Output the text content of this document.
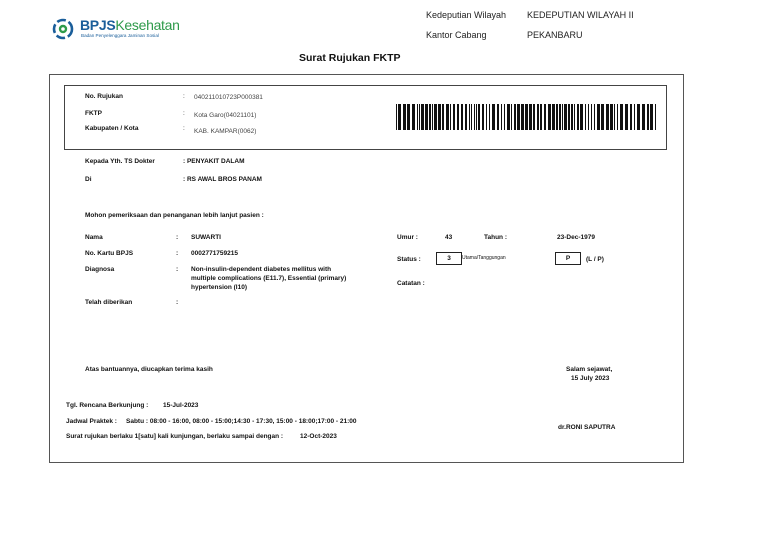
BPJSKesehatan
Badan Penyelenggara Jaminan Sosial
Kedeputian Wilayah KEDEPUTIAN WILAYAH II
Kantor Cabang	PEKANBARU
Surat Rujukan FKTP
No. Rujukan	: 040211010723P000381
FKTP	: Kota Garo(04021101)
Kabupaten / Kota	: KAB. KAMPAR(0062)
Kepada Yth. TS Dokter	: PENYAKIT DALAM
Di	: RS AWAL BROS PANAM
Mohon pemeriksaan dan penanganan lebih lanjut pasien :
Nama	: SUWARTI
No. Kartu BPJS	: 0002771759215
Diagnosa	: Non-insulin-dependent diabetes mellitus with
multiple complications (E11.7), Essential (primary)
hypertension (I10)
Telah diberikan	:
Umur :	43	Tahun :	23-Dec-1979
Status :	3	Utama/Tanggungan	P	(L / P)
Catatan :
Atas bantuannya, diucapkan terima kasih	Salam sejawat,
15 July 2023
dr.RONI SAPUTRA
Tgl. Rencana Berkunjung : 15-Jul-2023
Jadwal Praktek : Sabtu : 08:00 - 16:00, 08:00 - 15:00;14:30 - 17:30, 15:00 - 18:00;17:00 - 21:00
Surat rujukan berlaku 1[satu] kali kunjungan, berlaku sampai dengan :	12-Oct-2023
